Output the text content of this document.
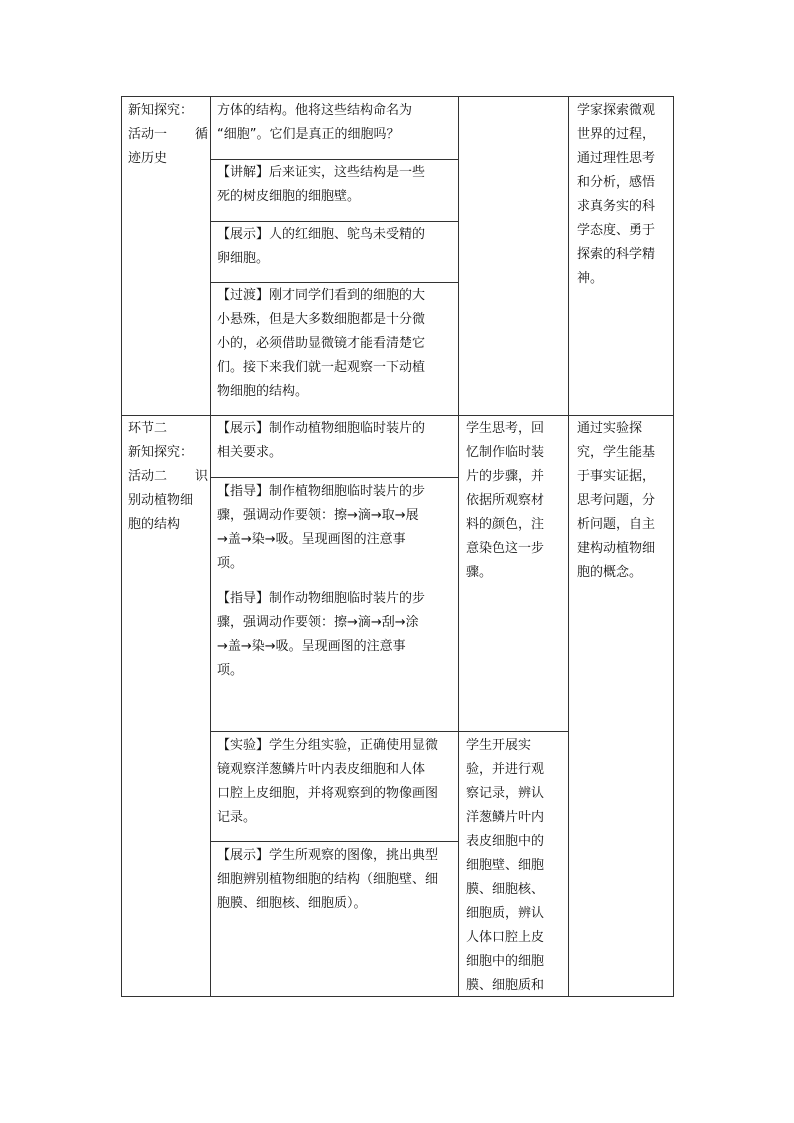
新知探究：
活动一 循
迹历史
方体的结构。他将这些结构命名为
“细胞”。它们是真正的细胞吗？
【讲解】后来证实，这些结构是一些
死的树皮细胞的细胞壁。
【展示】人的红细胞、鸵鸟未受精的
卵细胞。
【过渡】刚才同学们看到的细胞的大
小悬殊，但是大多数细胞都是十分微
小的，必须借助显微镜才能看清楚它
们。接下来我们就一起观察一下动植
物细胞的结构。
学家探索微观
世界的过程，
通过理性思考
和分析，感悟
求真务实的科
学态度、勇于
探索的科学精
神。
环节二
新知探究：
活动二 识
别动植物细
胞的结构
【展示】制作动植物细胞临时装片的
相关要求。
【指导】制作植物细胞临时装片的步
骤，强调动作要领：擦→滴→取→展
→盖→染→吸。呈现画图的注意事
项。
【指导】制作动物细胞临时装片的步
骤，强调动作要领：擦→滴→刮→涂
→盖→染→吸。呈现画图的注意事
项。
【实验】学生分组实验，正确使用显微
镜观察洋葱鳞片叶内表皮细胞和人体
口腔上皮细胞，并将观察到的物像画图
记录。
【展示】学生所观察的图像，挑出典型
细胞辨别植物细胞的结构（细胞壁、细
胞膜、细胞核、细胞质）。
学生思考，回
忆制作临时装
片的步骤，并
依据所观察材
料的颜色，注
意染色这一步
骤。
学生开展实
验，并进行观
察记录，辨认
洋葱鳞片叶内
表皮细胞中的
细胞壁、细胞
膜、细胞核、
细胞质，辨认
人体口腔上皮
细胞中的细胞
膜、细胞质和
通过实验探
究，学生能基
于事实证据，
思考问题，分
析问题，自主
建构动植物细
胞的概念。
